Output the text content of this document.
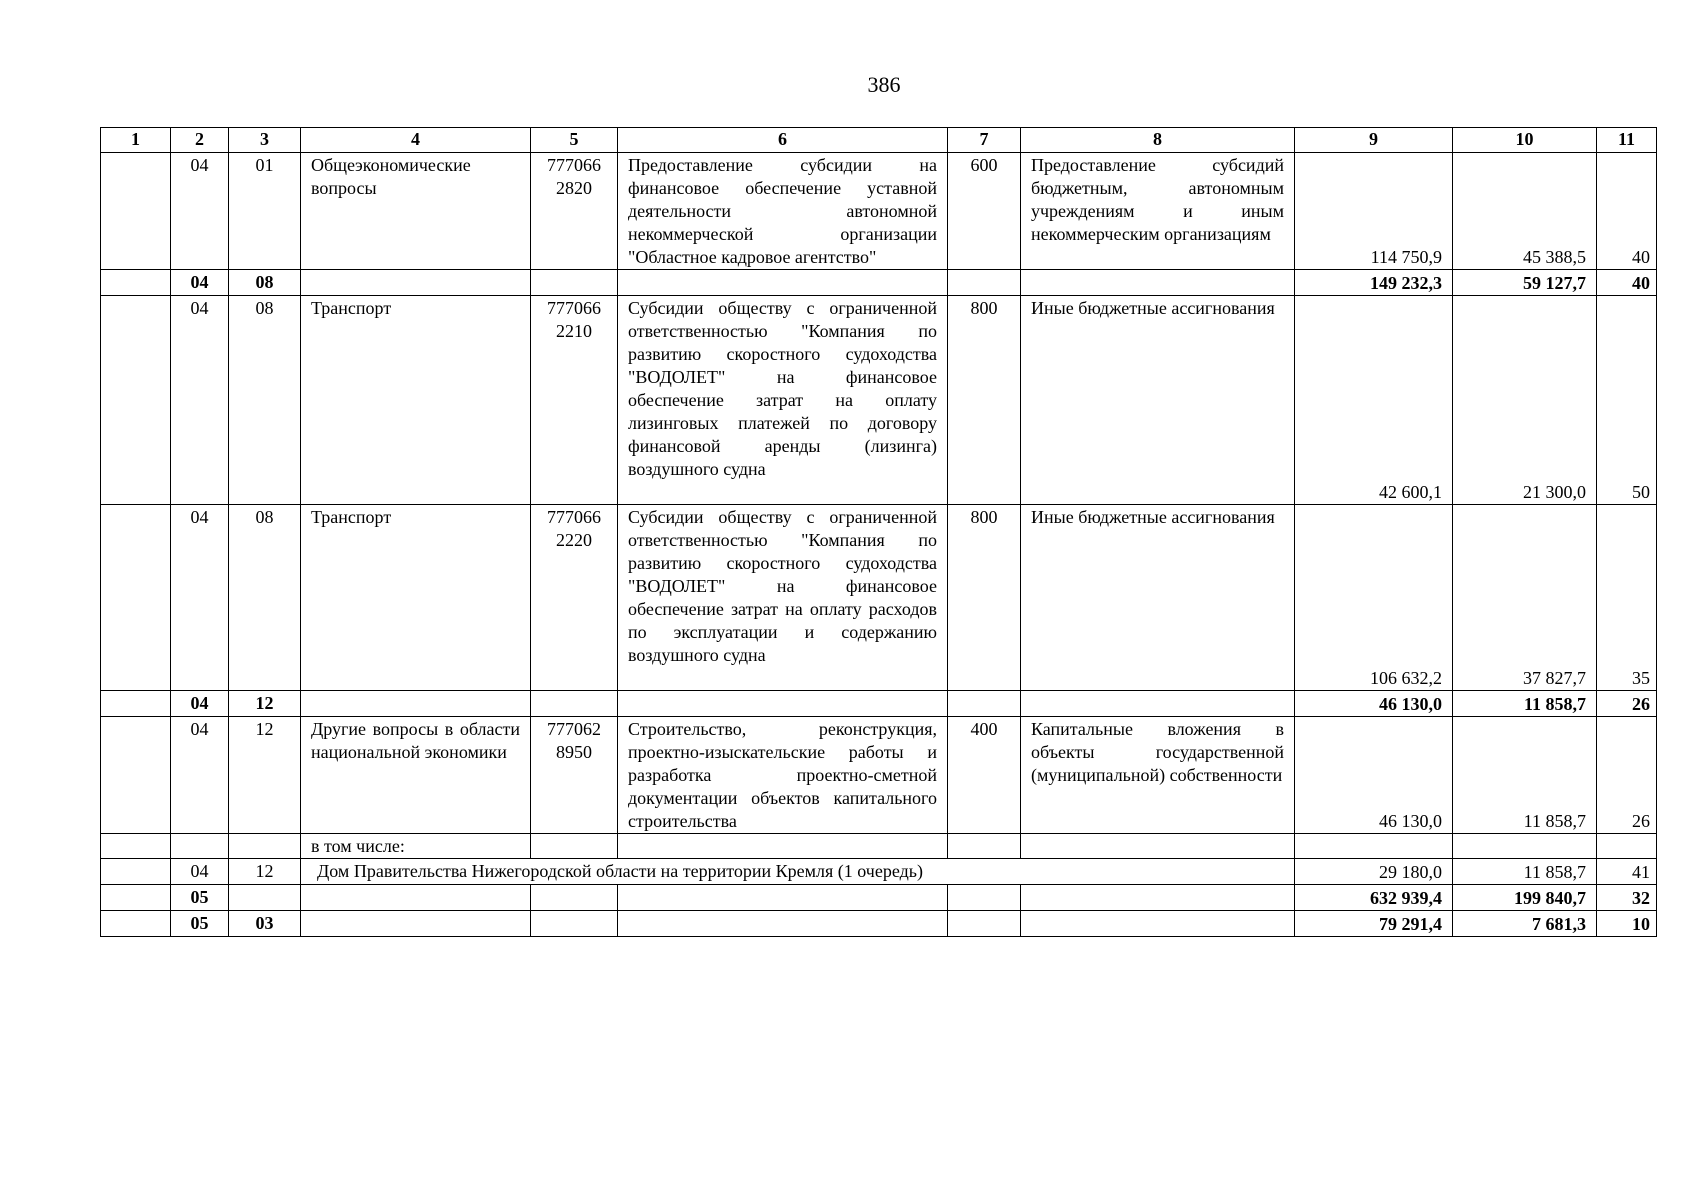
386
1	2	3	4	5	6	7	8	9	10	11
	04	01	Общеэкономические вопросы	777066 2820	Предоставление субсидии на финансовое обеспечение уставной деятельности автономной некоммерческой организации "Областное кадровое агентство"	600	Предоставление субсидий бюджетным, автономным учреждениям и иным некоммерческим организациям	114 750,9	45 388,5	40
	04	08						149 232,3	59 127,7	40
	04	08	Транспорт	777066 2210	Субсидии обществу с ограниченной ответственностью "Компания по развитию скоростного судоходства "ВОДОЛЕТ" на финансовое обеспечение затрат на оплату лизинговых платежей по договору финансовой аренды (лизинга) воздушного судна	800	Иные бюджетные ассигнования	42 600,1	21 300,0	50
	04	08	Транспорт	777066 2220	Субсидии обществу с ограниченной ответственностью "Компания по развитию скоростного судоходства "ВОДОЛЕТ" на финансовое обеспечение затрат на оплату расходов по эксплуатации и содержанию воздушного судна	800	Иные бюджетные ассигнования	106 632,2	37 827,7	35
	04	12						46 130,0	11 858,7	26
	04	12	Другие вопросы в области национальной экономики	777062 8950	Строительство, реконструкция, проектно-изыскательские работы и разработка проектно-сметной документации объектов капитального строительства	400	Капитальные вложения в объекты государственной (муниципальной) собственности	46 130,0	11 858,7	26
			в том числе:							
	04	12	Дом Правительства Нижегородской области на территории Кремля (1 очередь)					29 180,0	11 858,7	41
	05							632 939,4	199 840,7	32
	05	03						79 291,4	7 681,3	10
